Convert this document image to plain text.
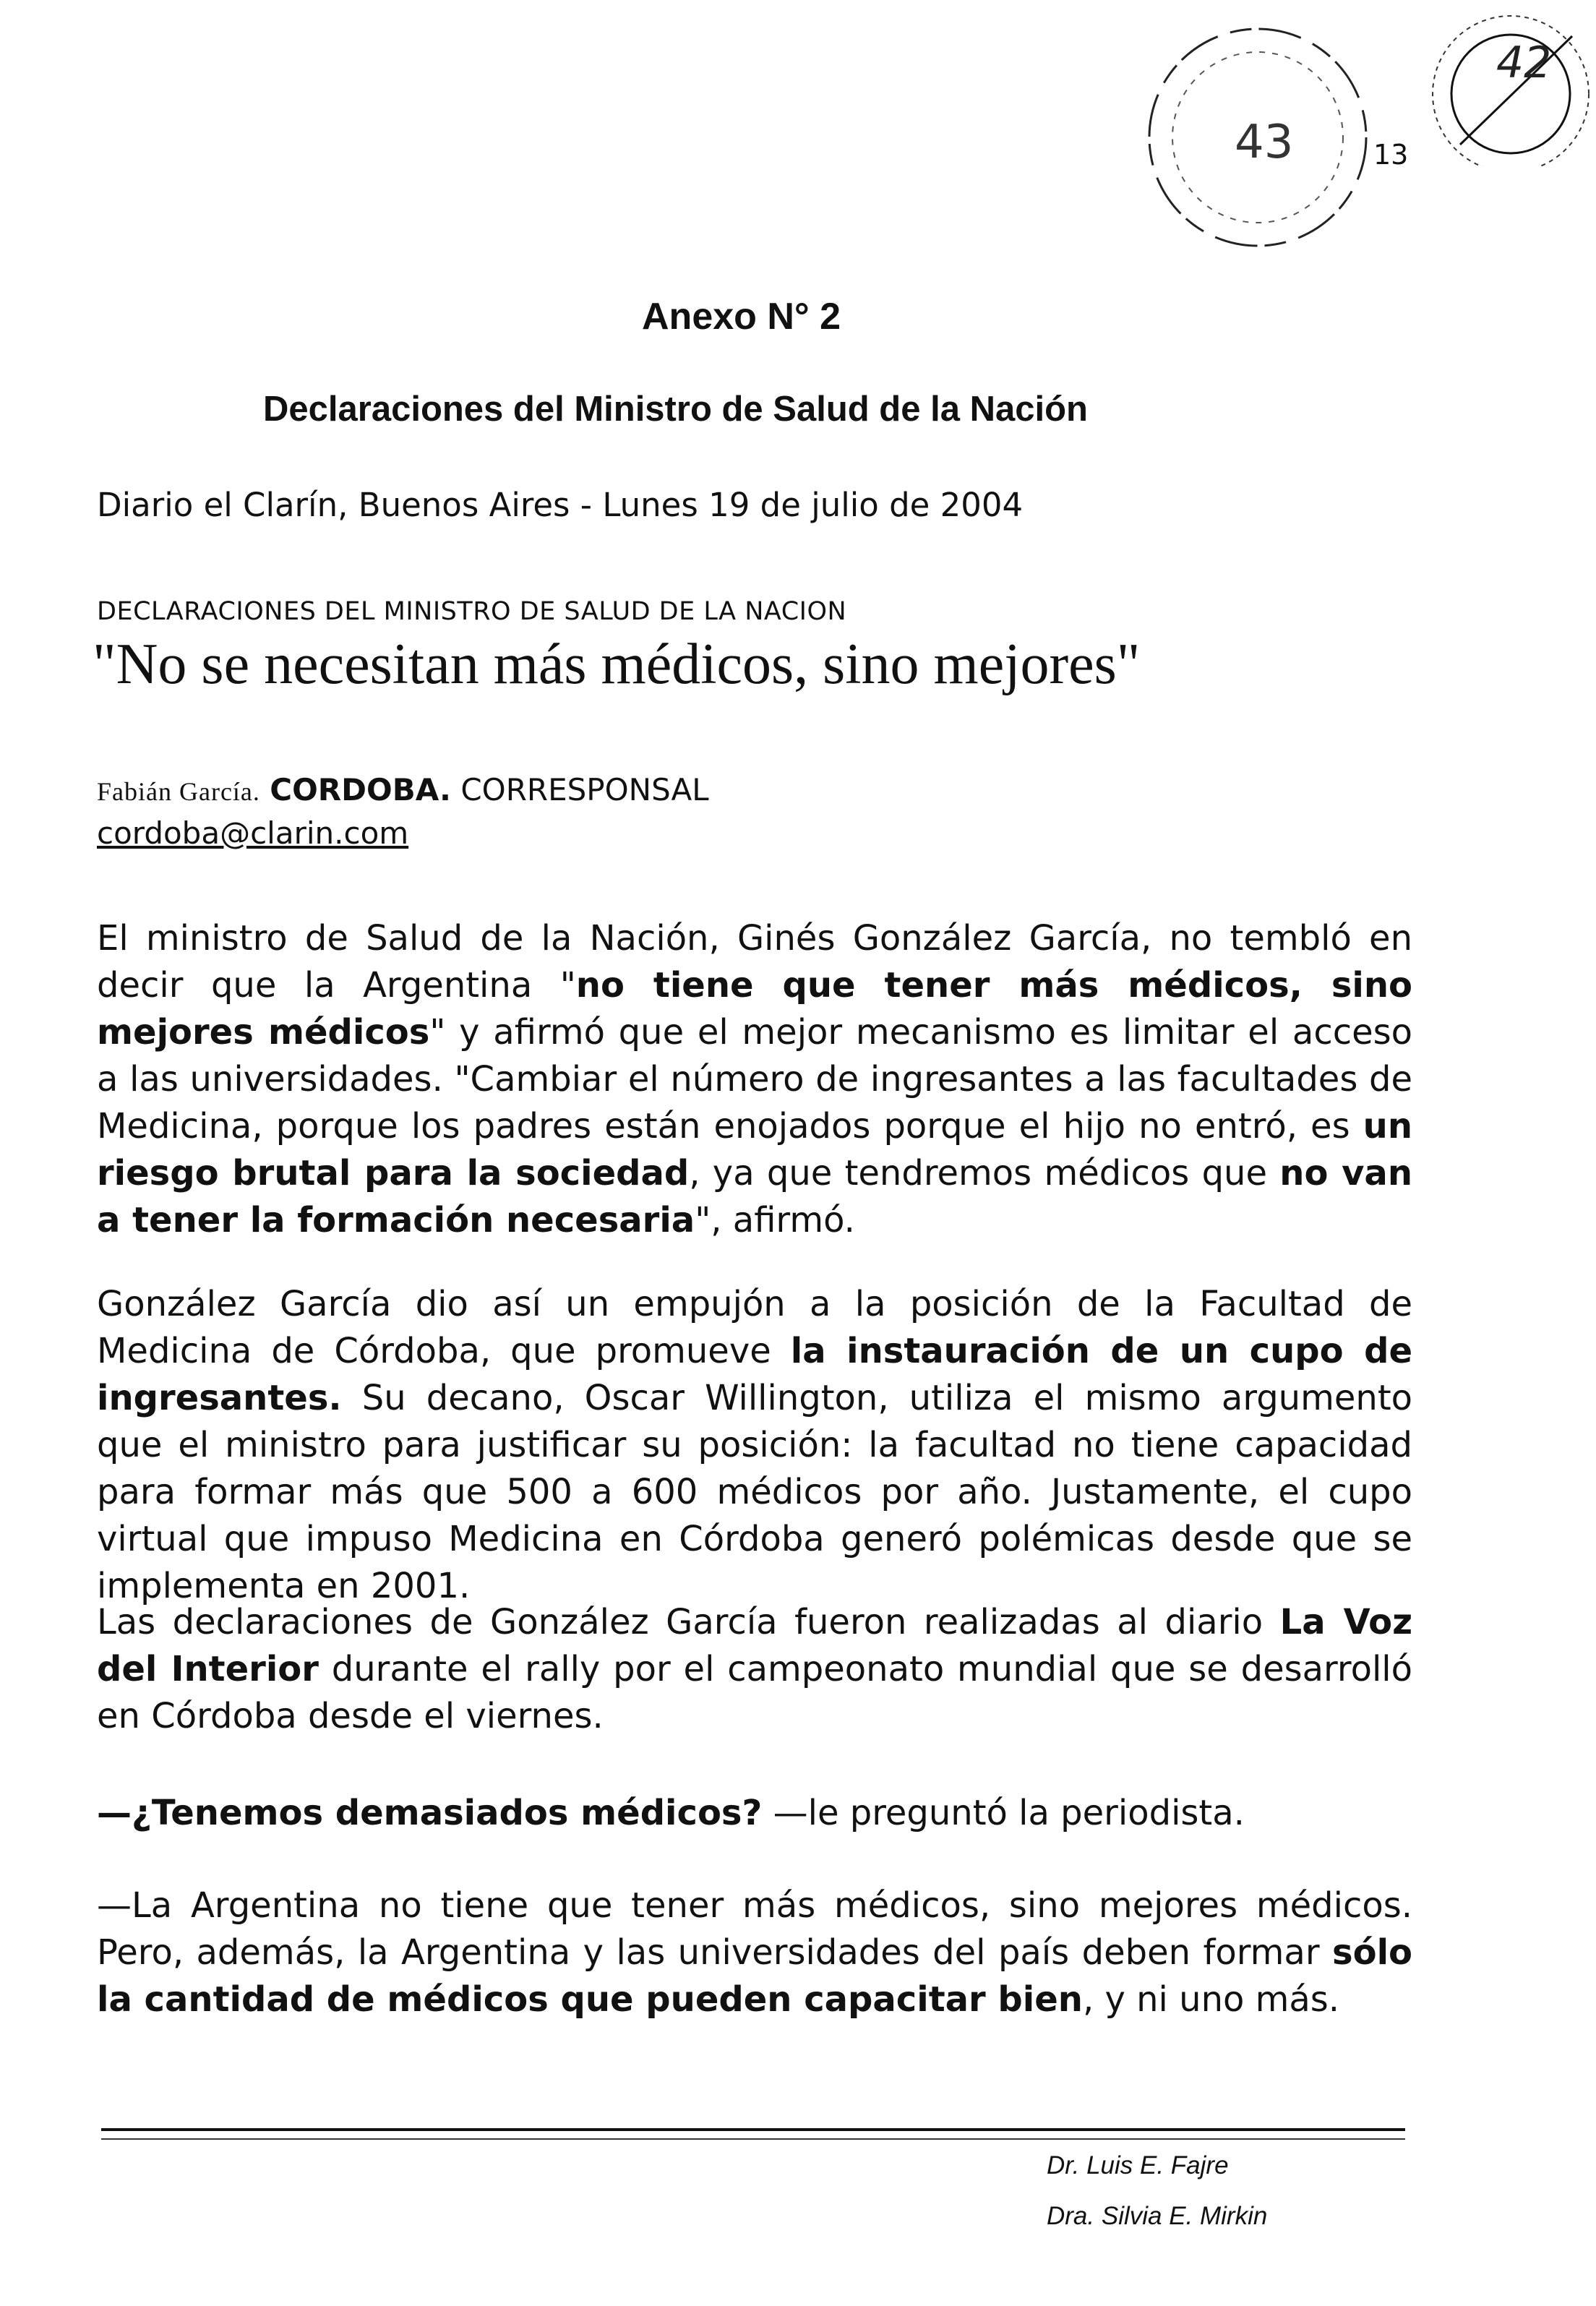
43	13
42
Anexo N° 2
Declaraciones del Ministro de Salud de la Nación
Diario el Clarín, Buenos Aires - Lunes 19 de julio de 2004
DECLARACIONES DEL MINISTRO DE SALUD DE LA NACION
"No se necesitan más médicos, sino mejores"
Fabián García. CORDOBA. CORRESPONSAL
cordoba@clarin.com
El ministro de Salud de la Nación, Ginés González García, no tembló en decir que la Argentina "no tiene que tener más médicos, sino mejores médicos" y afirmó que el mejor mecanismo es limitar el acceso a las universidades. "Cambiar el número de ingresantes a las facultades de Medicina, porque los padres están enojados porque el hijo no entró, es un riesgo brutal para la sociedad, ya que tendremos médicos que no van a tener la formación necesaria", afirmó.
González García dio así un empujón a la posición de la Facultad de Medicina de Córdoba, que promueve la instauración de un cupo de ingresantes. Su decano, Oscar Willington, utiliza el mismo argumento que el ministro para justificar su posición: la facultad no tiene capacidad para formar más que 500 a 600 médicos por año. Justamente, el cupo virtual que impuso Medicina en Córdoba generó polémicas desde que se implementa en 2001.
Las declaraciones de González García fueron realizadas al diario La Voz del Interior durante el rally por el campeonato mundial que se desarrolló en Córdoba desde el viernes.
—¿Tenemos demasiados médicos? —le preguntó la periodista.
—La Argentina no tiene que tener más médicos, sino mejores médicos. Pero, además, la Argentina y las universidades del país deben formar sólo la cantidad de médicos que pueden capacitar bien, y ni uno más.
Dr. Luis E. Fajre
Dra. Silvia E. Mirkin
